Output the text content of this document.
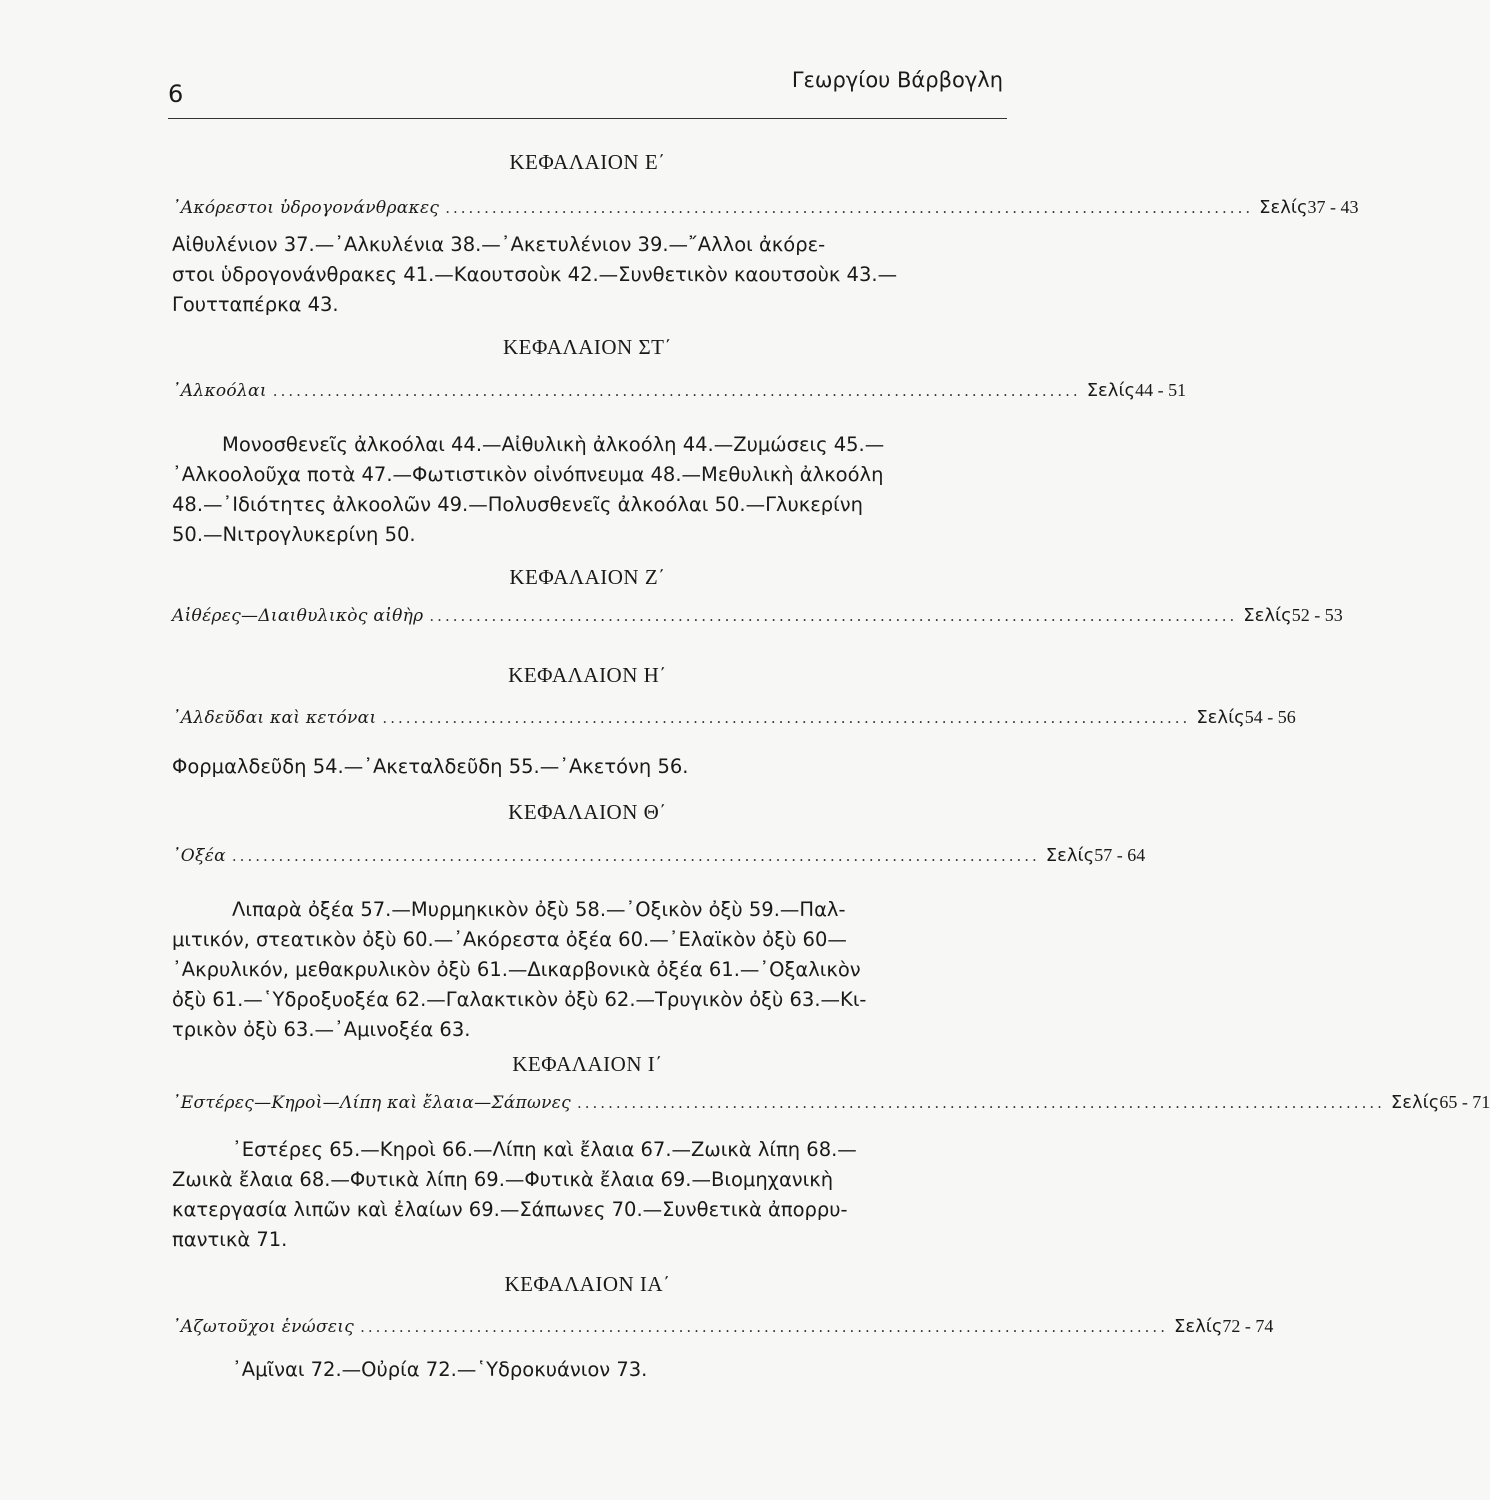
6	Γεωργίου Βάρβογλη
ΚΕΦΑΛΑΙΟΝ Ε΄
᾽Ακόρεστοι ὑδρογονάνθρακες ........................................................................................................ Σελίς 37 - 43
Αἰθυλένιον 37.—᾽Αλκυλένια 38.—᾽Ακετυλένιον 39.—῎Αλλοι ἀκόρε-
στοι ὑδρογονάνθρακες 41.—Καουτσοὺκ 42.—Συνθετικὸν καουτσοὺκ 43.—
Γουτταπέρκα 43.
ΚΕΦΑΛΑΙΟΝ ΣΤ΄
᾽Αλκοόλαι ........................................................................................................ Σελίς 44 - 51
Μονοσθενεῖς ἀλκοόλαι 44.—Αἰθυλικὴ ἀλκοόλη 44.—Ζυμώσεις 45.—
᾽Αλκοολοῦχα ποτὰ 47.—Φωτιστικὸν οἰνόπνευμα 48.—Μεθυλικὴ ἀλκοόλη
48.—᾽Ιδιότητες ἀλκοολῶν 49.—Πολυσθενεῖς ἀλκοόλαι 50.—Γλυκερίνη
50.—Νιτρογλυκερίνη 50.
ΚΕΦΑΛΑΙΟΝ Ζ΄
Αἰθέρες—Διαιθυλικὸς αἰθὴρ ........................................................................................................ Σελίς 52 - 53
ΚΕΦΑΛΑΙΟΝ Η΄
᾽Αλδεῦδαι καὶ κετόναι ........................................................................................................ Σελίς 54 - 56
Φορμαλδεῦδη 54.—᾽Ακεταλδεῦδη 55.—᾽Ακετόνη 56.
ΚΕΦΑΛΑΙΟΝ Θ΄
᾽Οξέα ........................................................................................................ Σελίς 57 - 64
Λιπαρὰ ὀξέα 57.—Μυρμηκικὸν ὀξὺ 58.—᾽Οξικὸν ὀξὺ 59.—Παλ-
μιτικόν, στεατικὸν ὀξὺ 60.—᾽Ακόρεστα ὀξέα 60.—᾽Ελαϊκὸν ὀξὺ 60—
᾽Ακρυλικόν, μεθακρυλικὸν ὀξὺ 61.—Δικαρβονικὰ ὀξέα 61.—᾽Οξαλικὸν
ὀξὺ 61.—῾Υδροξυοξέα 62.—Γαλακτικὸν ὀξὺ 62.—Τρυγικὸν ὀξὺ 63.—Κι-
τρικὸν ὀξὺ 63.—᾽Αμινοξέα 63.
ΚΕΦΑΛΑΙΟΝ Ι΄
᾽Εστέρες—Κηροὶ—Λίπη καὶ ἔλαια—Σάπωνες ........................................................................................................ Σελίς 65 - 71
᾽Εστέρες 65.—Κηροὶ 66.—Λίπη καὶ ἔλαια 67.—Ζωικὰ λίπη 68.—
Ζωικὰ ἔλαια 68.—Φυτικὰ λίπη 69.—Φυτικὰ ἔλαια 69.—Βιομηχανικὴ
κατεργασία λιπῶν καὶ ἐλαίων 69.—Σάπωνες 70.—Συνθετικὰ ἀπορρυ-
παντικὰ 71.
ΚΕΦΑΛΑΙΟΝ ΙΑ΄
᾽Αζωτοῦχοι ἑνώσεις ........................................................................................................ Σελίς 72 - 74
᾽Αμῖναι 72.—Οὐρία 72.—῾Υδροκυάνιον 73.
